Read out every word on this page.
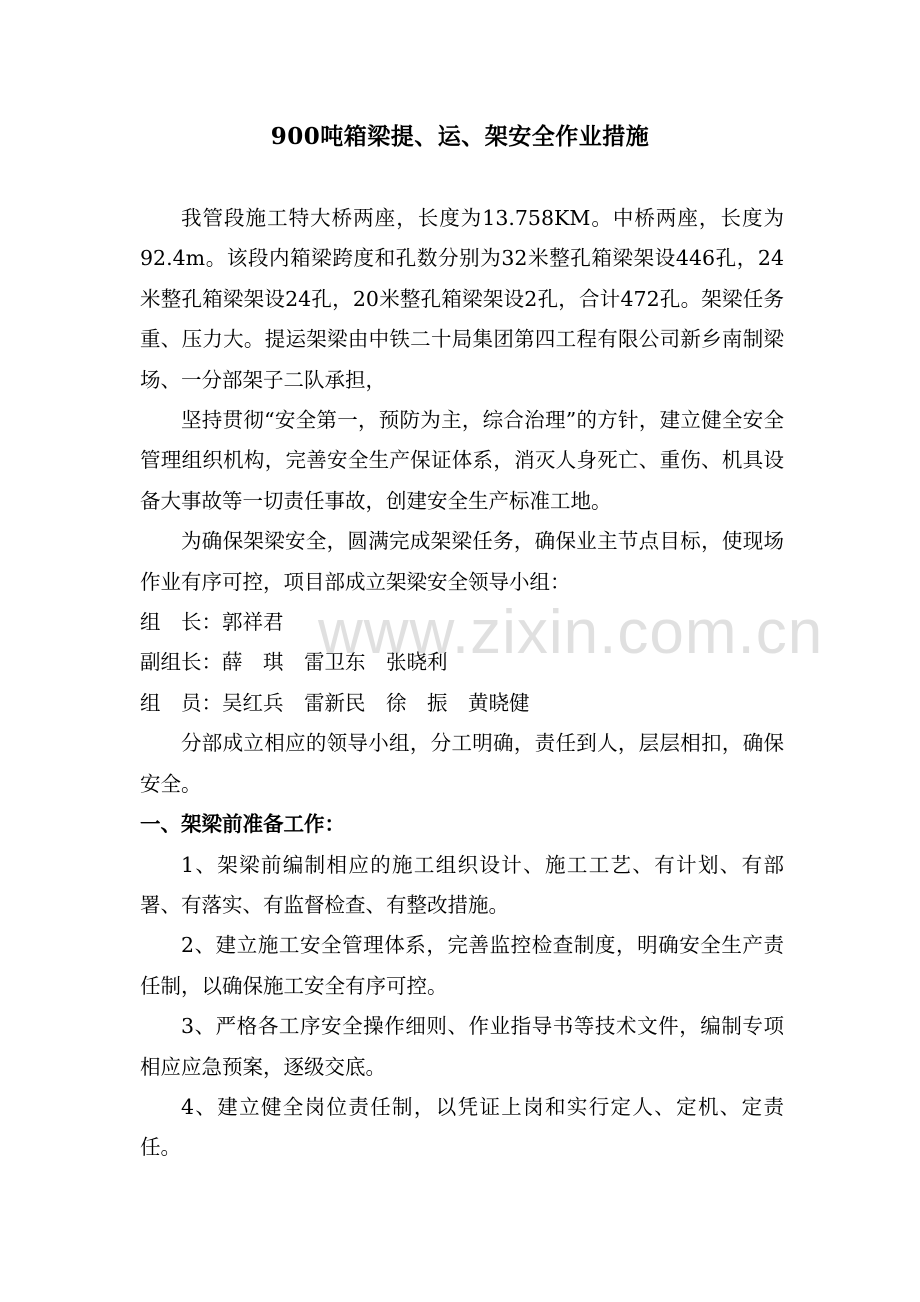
900吨箱梁提、运、架安全作业措施

我管段施工特大桥两座，长度为13.758KM。中桥两座，长度为92.4m。该段内箱梁跨度和孔数分别为32米整孔箱梁架设446孔，24米整孔箱梁架设24孔，20米整孔箱梁架设2孔，合计472孔。架梁任务重、压力大。提运架梁由中铁二十局集团第四工程有限公司新乡南制梁场、一分部架子二队承担，

坚持贯彻“安全第一，预防为主，综合治理”的方针，建立健全安全管理组织机构，完善安全生产保证体系，消灭人身死亡、重伤、机具设备大事故等一切责任事故，创建安全生产标准工地。

为确保架梁安全，圆满完成架梁任务，确保业主节点目标，使现场作业有序可控，项目部成立架梁安全领导小组：

组　长：郭祥君

副组长：薛　琪　雷卫东　张晓利

组　员：吴红兵　雷新民　徐　振　黄晓健

分部成立相应的领导小组，分工明确，责任到人，层层相扣，确保安全。

一、架梁前准备工作：

1、架梁前编制相应的施工组织设计、施工工艺、有计划、有部署、有落实、有监督检查、有整改措施。

2、建立施工安全管理体系，完善监控检查制度，明确安全生产责任制，以确保施工安全有序可控。

3、严格各工序安全操作细则、作业指导书等技术文件，编制专项相应应急预案，逐级交底。

4、建立健全岗位责任制，以凭证上岗和实行定人、定机、定责任。

www.zixin.com.cn
